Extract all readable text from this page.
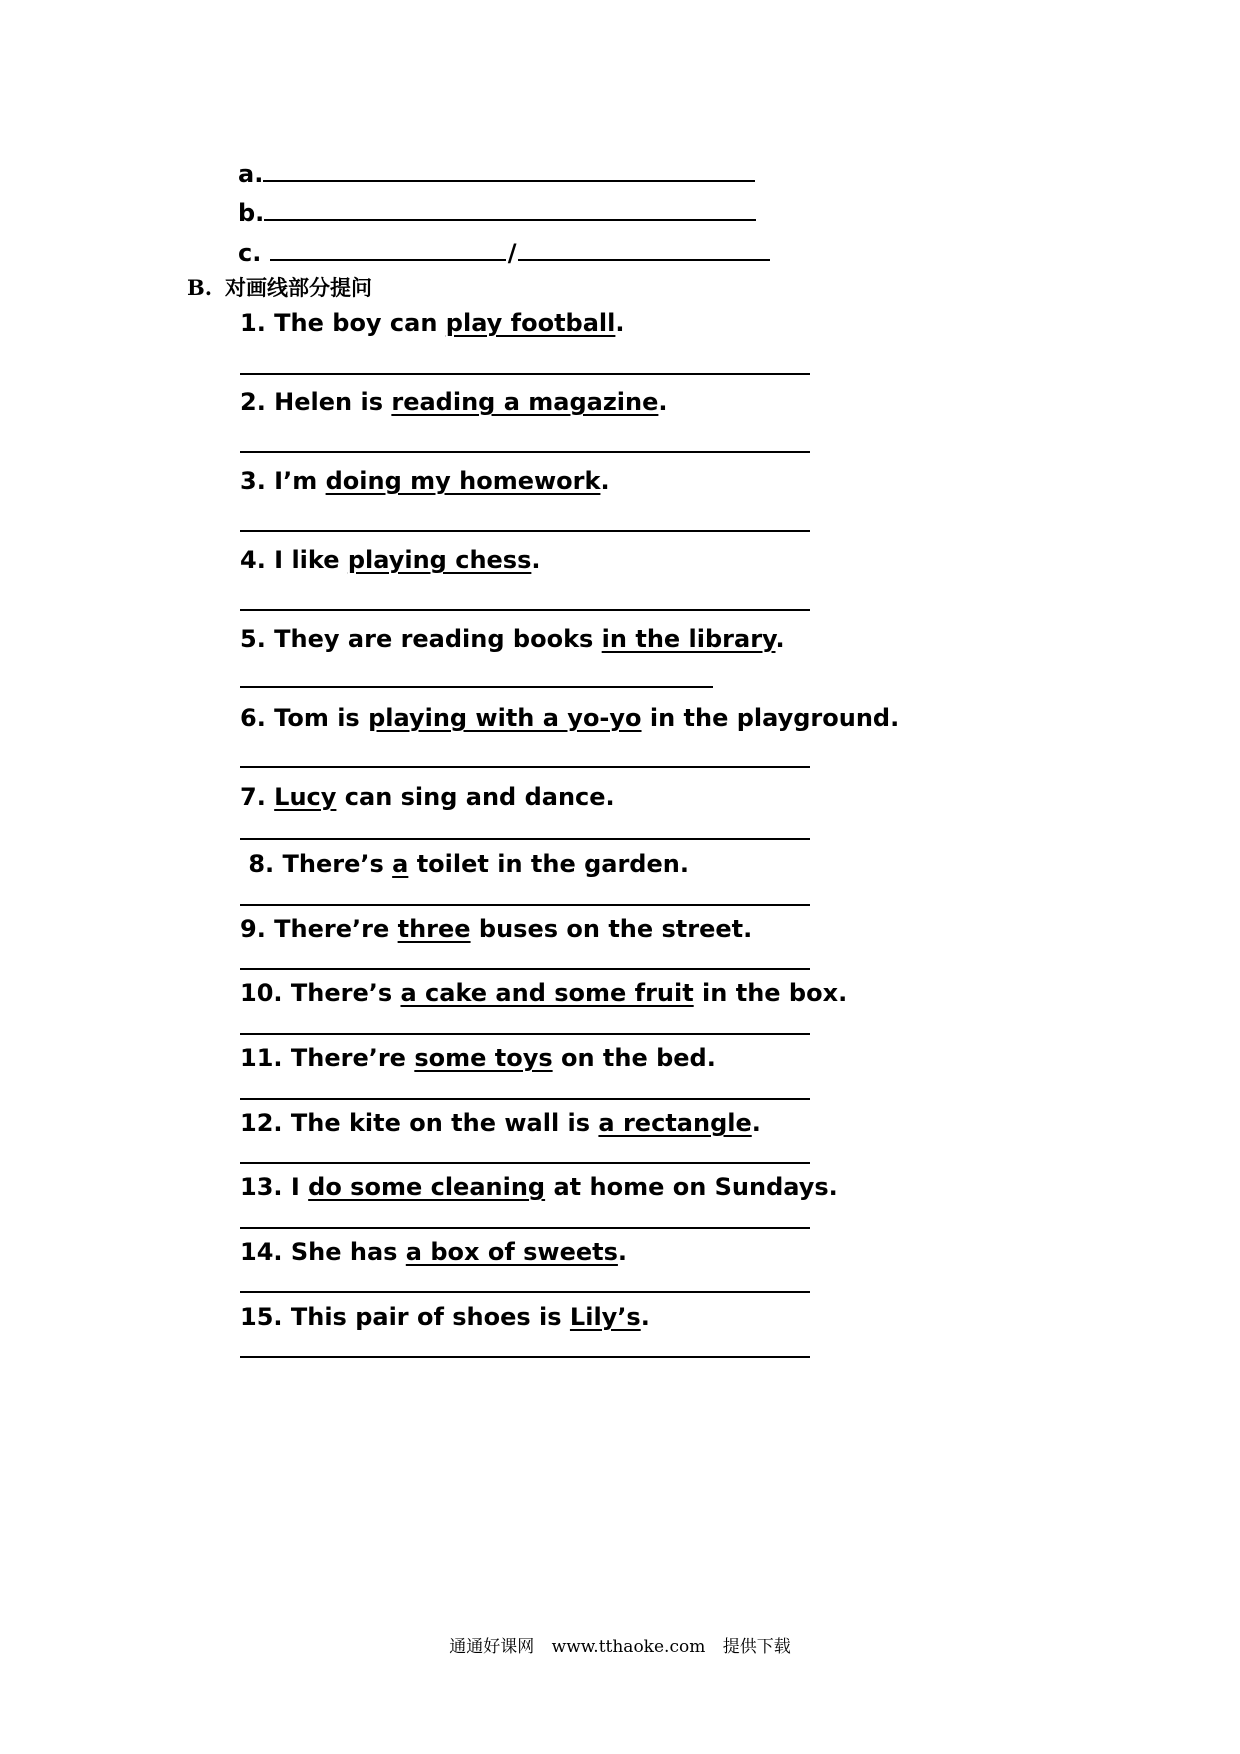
a.
b.
c.	/
B. 对画线部分提问
1. The boy can play football.
2. Helen is reading a magazine.
3. I’m doing my homework.
4. I like playing chess.
5. They are reading books in the library.
6. Tom is playing with a yo-yo in the playground.
7. Lucy can sing and dance.
8. There’s a toilet in the garden.
9. There’re three buses on the street.
10. There’s a cake and some fruit in the box.
11. There’re some toys on the bed.
12. The kite on the wall is a rectangle.
13. I do some cleaning at home on Sundays.
14. She has a box of sweets.
15. This pair of shoes is Lily’s.
通通好课网 www.tthaoke.com 提供下载
